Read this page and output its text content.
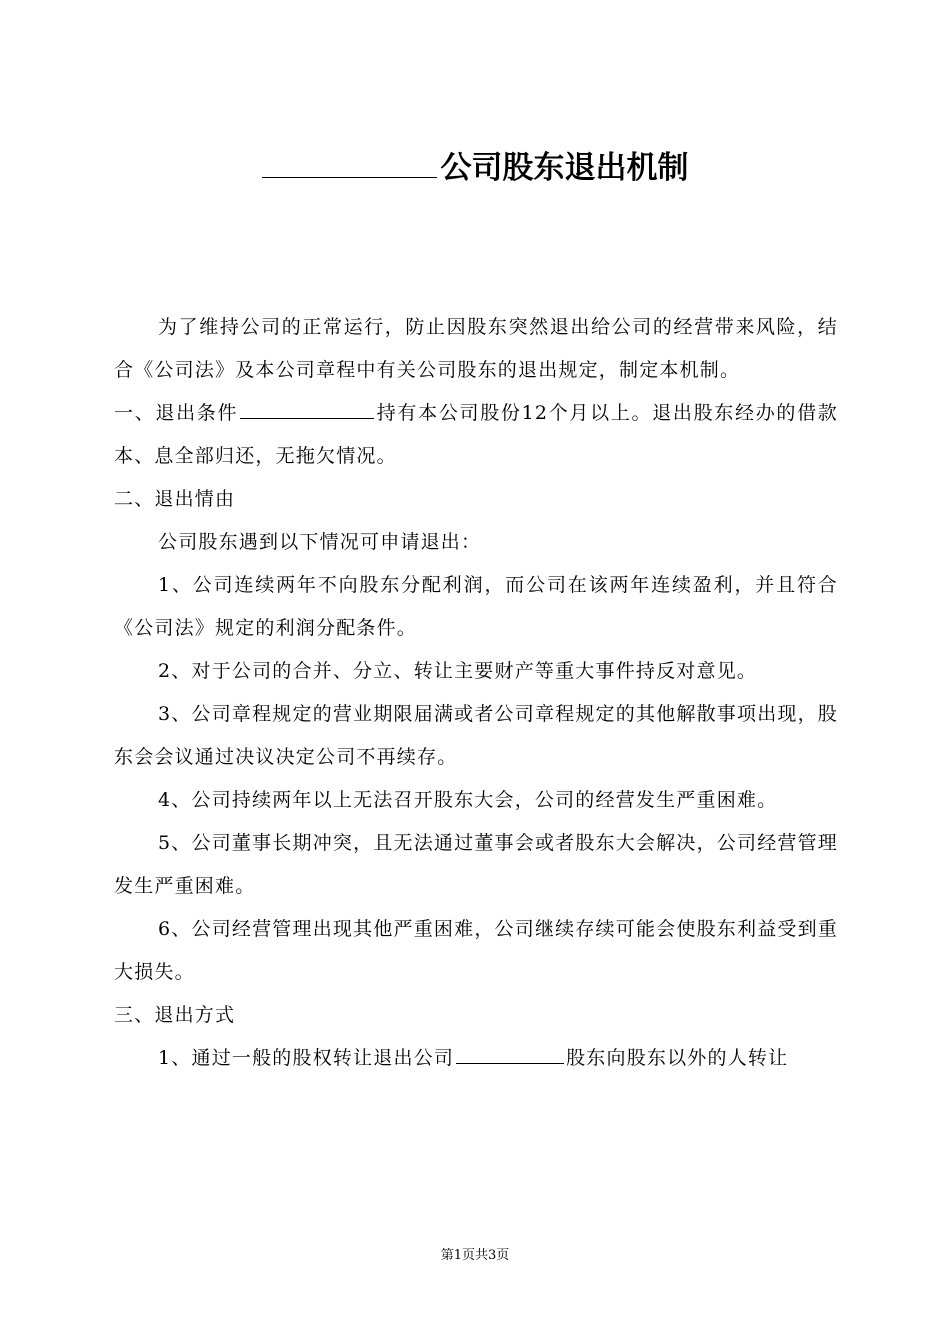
公司股东退出机制

为了维持公司的正常运行，防止因股东突然退出给公司的经营带来风险，结合《公司法》及本公司章程中有关公司股东的退出规定，制定本机制。

一、退出条件	持有本公司股份12个月以上。退出股东经办的借款本、息全部归还，无拖欠情况。

二、退出情由

公司股东遇到以下情况可申请退出：

1、公司连续两年不向股东分配利润，而公司在该两年连续盈利，并且符合《公司法》规定的利润分配条件。

2、对于公司的合并、分立、转让主要财产等重大事件持反对意见。

3、公司章程规定的营业期限届满或者公司章程规定的其他解散事项出现，股东会会议通过决议决定公司不再续存。

4、公司持续两年以上无法召开股东大会，公司的经营发生严重困难。

5、公司董事长期冲突，且无法通过董事会或者股东大会解决，公司经营管理发生严重困难。

6、公司经营管理出现其他严重困难，公司继续存续可能会使股东利益受到重大损失。

三、退出方式

1、通过一般的股权转让退出公司	股东向股东以外的人转让

第1页共3页
